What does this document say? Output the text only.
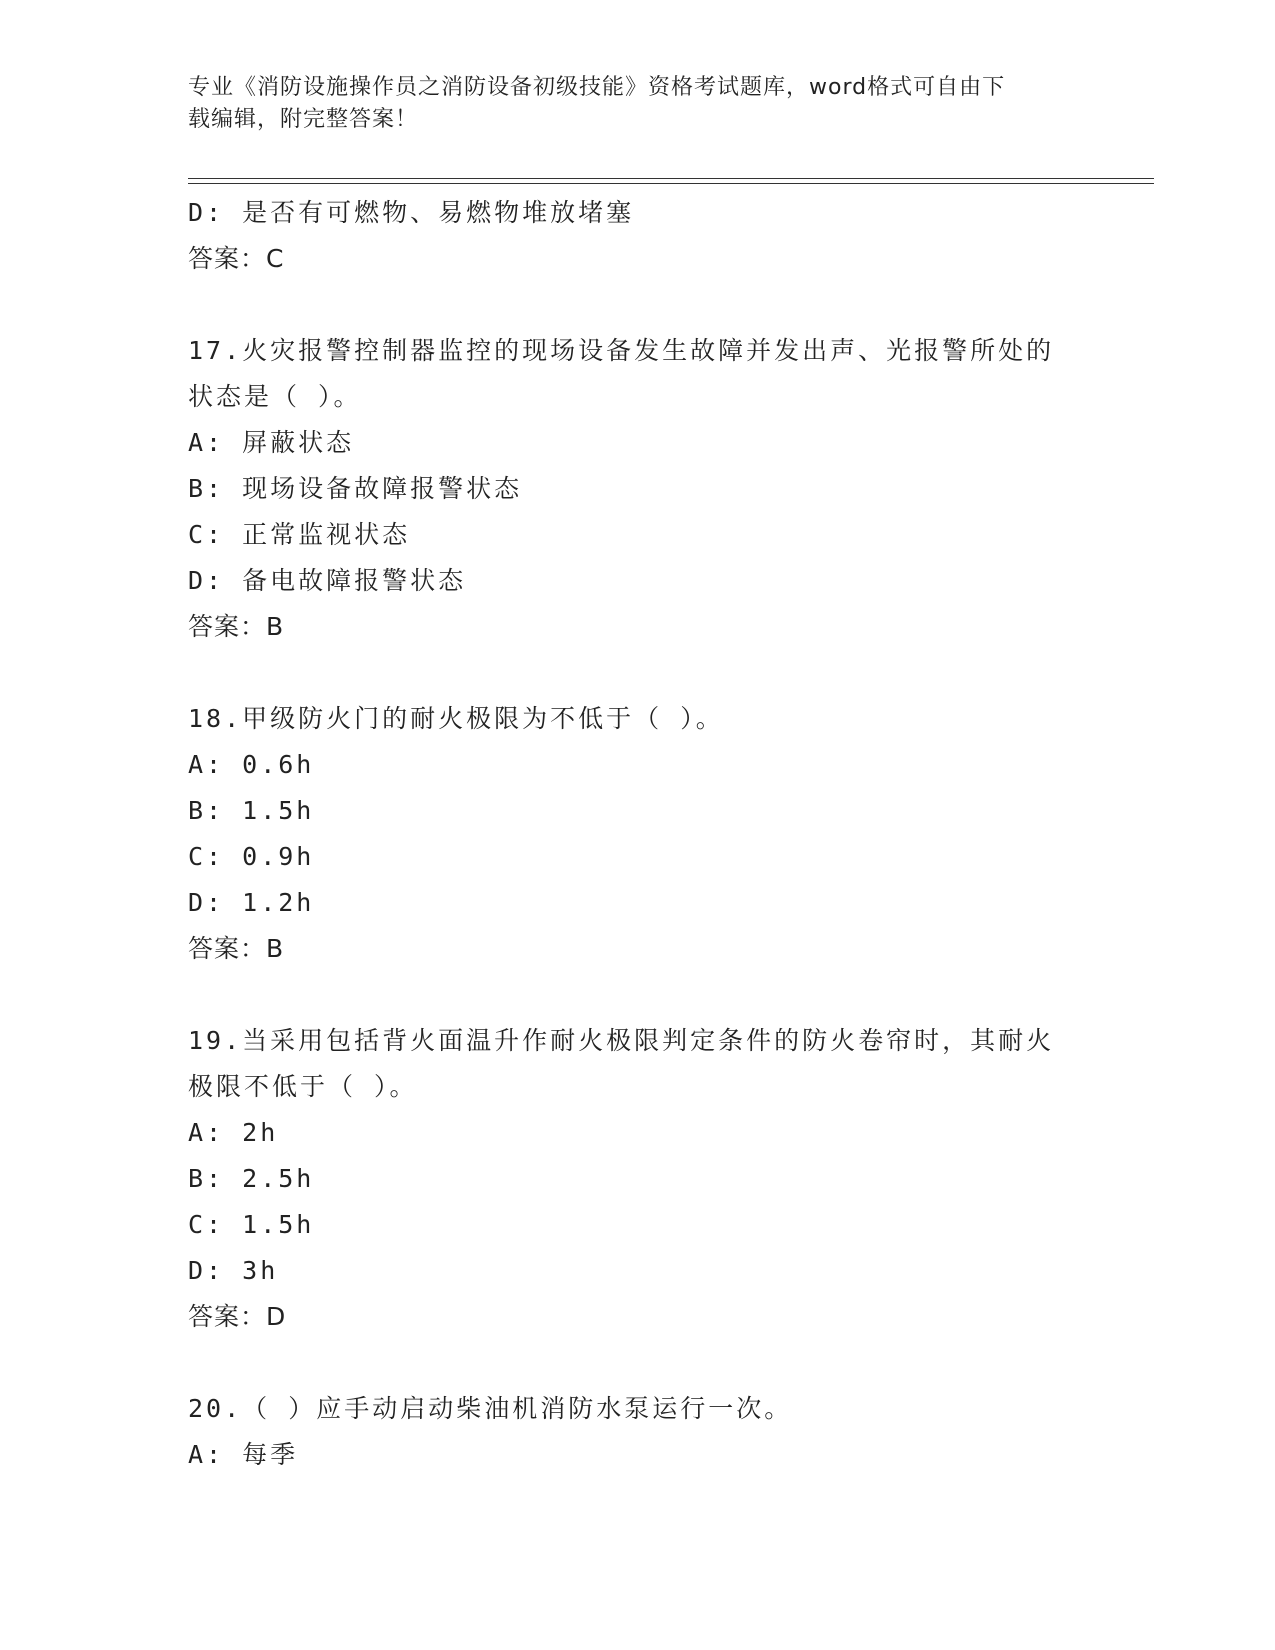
专业《消防设施操作员之消防设备初级技能》资格考试题库，word格式可自由下
载编辑，附完整答案！
D: 是否有可燃物、易燃物堆放堵塞
答案：C
17.火灾报警控制器监控的现场设备发生故障并发出声、光报警所处的
状态是（ ）。
A: 屏蔽状态
B: 现场设备故障报警状态
C: 正常监视状态
D: 备电故障报警状态
答案：B
18.甲级防火门的耐火极限为不低于（ ）。
A: 0.6h
B: 1.5h
C: 0.9h
D: 1.2h
答案：B
19.当采用包括背火面温升作耐火极限判定条件的防火卷帘时，其耐火
极限不低于（ ）。
A: 2h
B: 2.5h
C: 1.5h
D: 3h
答案：D
20.（ ）应手动启动柴油机消防水泵运行一次。
A: 每季
